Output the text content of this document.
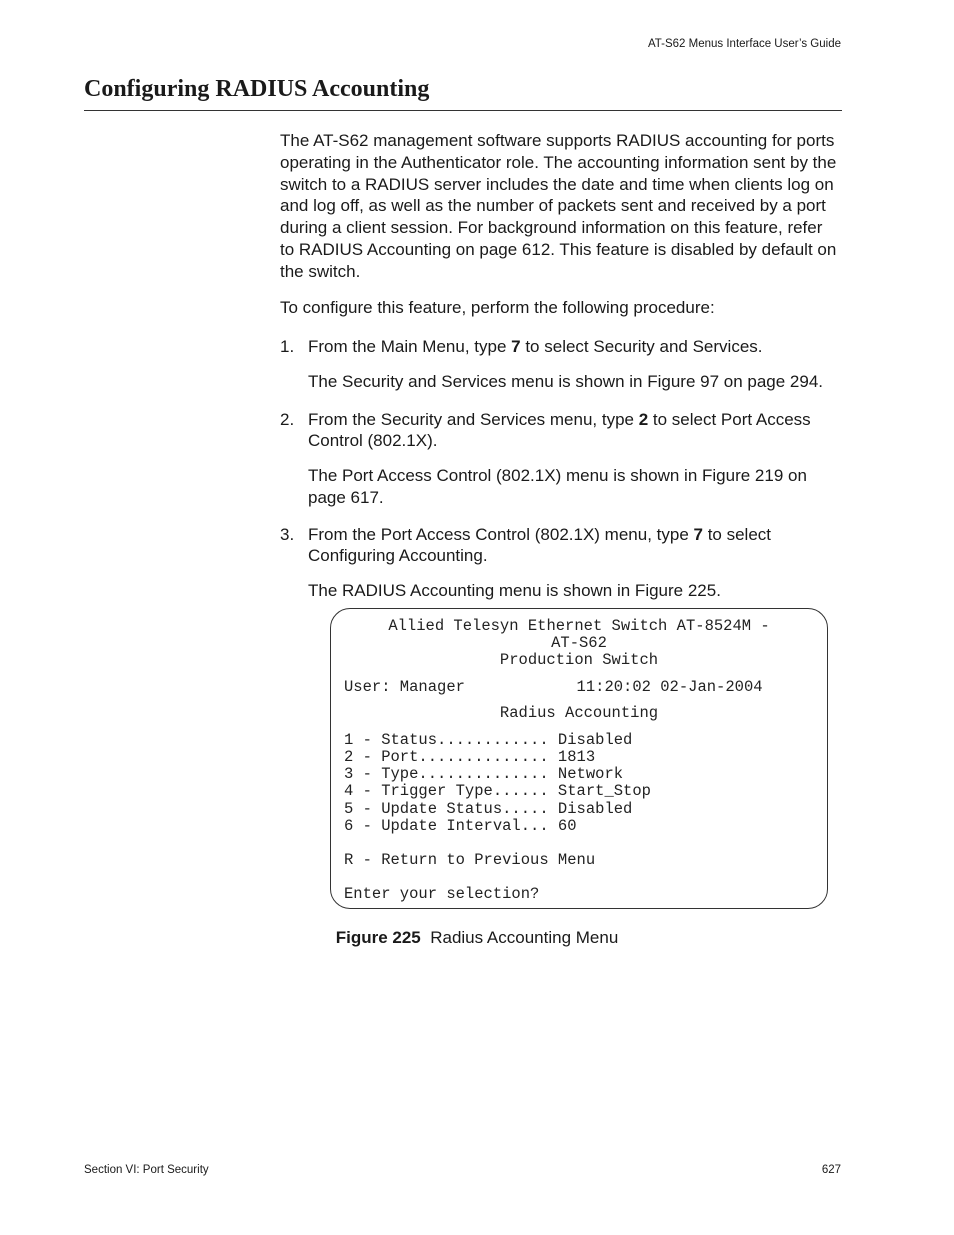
AT-S62 Menus Interface User’s Guide
Configuring RADIUS Accounting

The AT-S62 management software supports RADIUS accounting for ports operating in the Authenticator role. The accounting information sent by the switch to a RADIUS server includes the date and time when clients log on and log off, as well as the number of packets sent and received by a port during a client session. For background information on this feature, refer to RADIUS Accounting on page 612. This feature is disabled by default on the switch.

To configure this feature, perform the following procedure:

1. From the Main Menu, type 7 to select Security and Services.
The Security and Services menu is shown in Figure 97 on page 294.
2. From the Security and Services menu, type 2 to select Port Access Control (802.1X).
The Port Access Control (802.1X) menu is shown in Figure 219 on page 617.
3. From the Port Access Control (802.1X) menu, type 7 to select Configuring Accounting.
The RADIUS Accounting menu is shown in Figure 225.
Allied Telesyn Ethernet Switch AT-8524M -
AT-S62
Production Switch
User: Manager            11:20:02 02-Jan-2004
Radius Accounting
1 - Status............ Disabled
2 - Port.............. 1813
3 - Type.............. Network
4 - Trigger Type...... Start_Stop
5 - Update Status..... Disabled
6 - Update Interval... 60
R - Return to Previous Menu
Enter your selection?
Figure 225 Radius Accounting Menu
Section VI: Port Security	627
